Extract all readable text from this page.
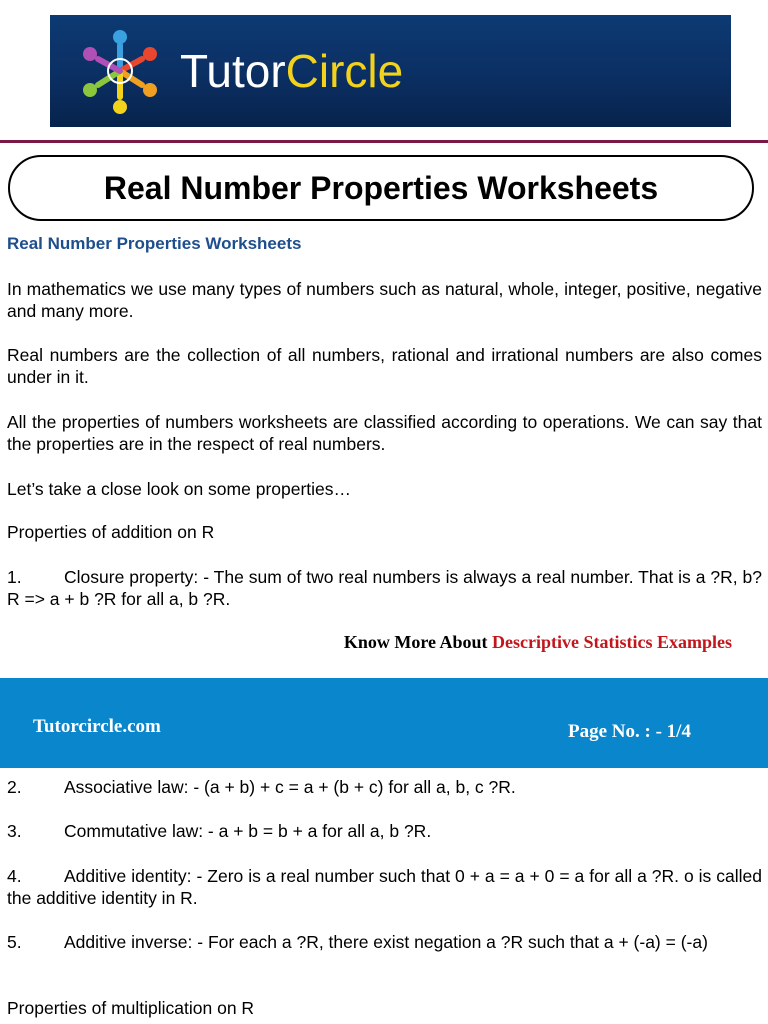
TutorCircle
Real Number Properties Worksheets
Real Number Properties Worksheets

In mathematics we use many types of numbers such as natural, whole, integer, positive, negative and many more.

Real numbers are the collection of all numbers, rational and irrational numbers are also comes under in it.

All the properties of numbers worksheets are classified according to operations. We can say that the properties are in the respect of real numbers.

Let’s take a close look on some properties…

Properties of addition on R

1. Closure property: - The sum of two real numbers is always a real number. That is a ?R, b?R => a + b ?R for all a, b ?R.

Know More About Descriptive Statistics Examples
Tutorcircle.com	Page No. : - 1/4

2. Associative law: - (a + b) + c = a + (b + c) for all a, b, c ?R.

3. Commutative law: - a + b = b + a for all a, b ?R.

4. Additive identity: - Zero is a real number such that 0 + a = a + 0 = a for all a ?R. o is called the additive identity in R.

5. Additive inverse: - For each a ?R, there exist negation a ?R such that a + (-a) = (-a)

Properties of multiplication on R
